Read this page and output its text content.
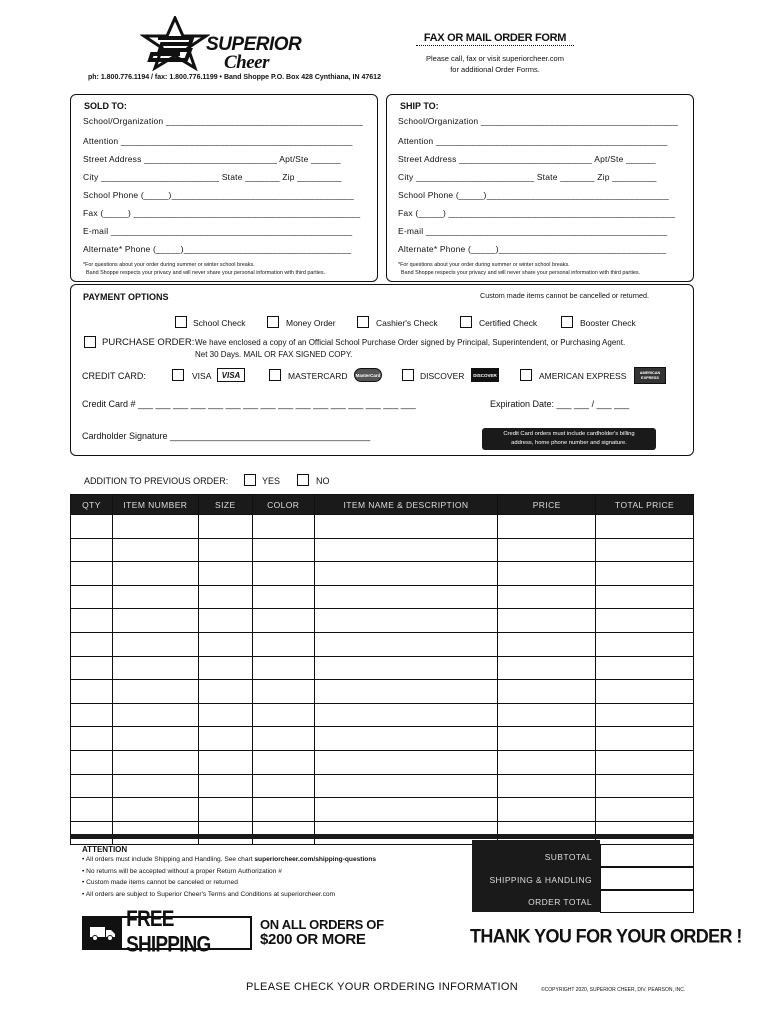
SUPERIOR
Cheer
ph: 1.800.776.1194 / fax: 1.800.776.1199 • Band Shoppe P.O. Box 428 Cynthiana, IN 47612
FAX OR MAIL ORDER FORM
Please call, fax or visit superiorcheer.com
for additional Order Forms.
SOLD TO:
School/Organization ________________________________________
Attention _______________________________________________
Street Address ___________________________ Apt/Ste ______
City ________________________ State _______ Zip _________
School Phone (_____)_____________________________________
Fax (_____) ______________________________________________
E-mail _________________________________________________
Alternate* Phone (_____)__________________________________
*For questions about your order during summer or winter school breaks.
Band Shoppe respects your privacy and will never share your personal information with third parties.
SHIP TO:
School/Organization ________________________________________
Attention _______________________________________________
Street Address ___________________________ Apt/Ste ______
City ________________________ State _______ Zip _________
School Phone (_____)_____________________________________
Fax (_____) ______________________________________________
E-mail _________________________________________________
Alternate* Phone (_____)__________________________________
*For questions about your order during summer or winter school breaks.
Band Shoppe respects your privacy and will never share your personal information with third parties.
PAYMENT OPTIONS	Custom made items cannot be cancelled or returned.
School Check	Money Order	Cashier's Check	Certified Check	Booster Check
PURCHASE ORDER: We have enclosed a copy of an Official School Purchase Order signed by Principal, Superintendent, or Purchasing Agent.
Net 30 Days. MAIL OR FAX SIGNED COPY.
CREDIT CARD:	VISA	VISA	MASTERCARD	MasterCard	DISCOVER	DISCOVER	AMERICAN EXPRESS	AMERICAN EXPRESS
Credit Card # ___ ___ ___ ___ ___ ___ ___ ___ ___ ___ ___ ___ ___ ___ ___ ___	Expiration Date: ___ ___ / ___ ___
Cardholder Signature ________________________________________	Credit Card orders must include cardholder's billing
address, home phone number and signature.
ADDITION TO PREVIOUS ORDER:	YES	NO
QTY	ITEM NUMBER	SIZE	COLOR	ITEM NAME & DESCRIPTION	PRICE	TOTAL PRICE

ATTENTION
• All orders must include Shipping and Handling. See chart superiorcheer.com/shipping-questions
• No returns will be accepted without a proper Return Authorization #
• Custom made items cannot be canceled or returned
• All orders are subject to Superior Cheer's Terms and Conditions at superiorcheer.com
SUBTOTAL
SHIPPING & HANDLING
ORDER TOTAL
FREE SHIPPING
ON ALL ORDERS OF
$200 OR MORE	THANK YOU FOR YOUR ORDER !
PLEASE CHECK YOUR ORDERING INFORMATION	©COPYRIGHT 2020, SUPERIOR CHEER, DIV. PEARSON, INC.
